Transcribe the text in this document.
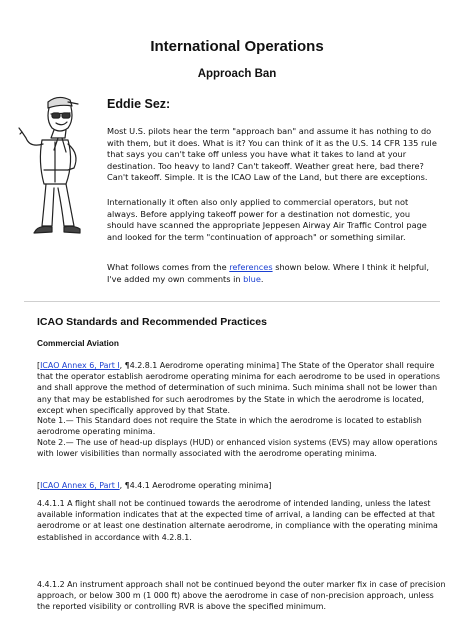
International Operations
Approach Ban
Eddie Sez:

Most U.S. pilots hear the term "approach ban" and assume it has nothing to do with them, but it does. What is it? You can think of it as the U.S. 14 CFR 135 rule that says you can't take off unless you have what it takes to land at your destination. Too heavy to land? Can't takeoff. Weather great here, bad there? Can't takeoff. Simple. It is the ICAO Law of the Land, but there are exceptions.

Internationally it often also only applied to commercial operators, but not always. Before applying takeoff power for a destination not domestic, you should have scanned the appropriate Jeppesen Airway Air Traffic Control page and looked for the term "continuation of approach" or something similar.

What follows comes from the references shown below. Where I think it helpful, I've added my own comments in blue.

ICAO Standards and Recommended Practices
Commercial Aviation

[ICAO Annex 6, Part I, ¶4.2.8.1 Aerodrome operating minima] The State of the Operator shall require that the operator establish aerodrome operating minima for each aerodrome to be used in operations and shall approve the method of determination of such minima. Such minima shall not be lower than any that may be established for such aerodromes by the State in which the aerodrome is located, except when specifically approved by that State.

Note 1.— This Standard does not require the State in which the aerodrome is located to establish aerodrome operating minima.

Note 2.— The use of head-up displays (HUD) or enhanced vision systems (EVS) may allow operations with lower visibilities than normally associated with the aerodrome operating minima.

[ICAO Annex 6, Part I, ¶4.4.1 Aerodrome operating minima]

4.4.1.1 A flight shall not be continued towards the aerodrome of intended landing, unless the latest available information indicates that at the expected time of arrival, a landing can be effected at that aerodrome or at least one destination alternate aerodrome, in compliance with the operating minima established in accordance with 4.2.8.1.

4.4.1.2 An instrument approach shall not be continued beyond the outer marker fix in case of precision approach, or below 300 m (1 000 ft) above the aerodrome in case of non-precision approach, unless the reported visibility or controlling RVR is above the specified minimum.
